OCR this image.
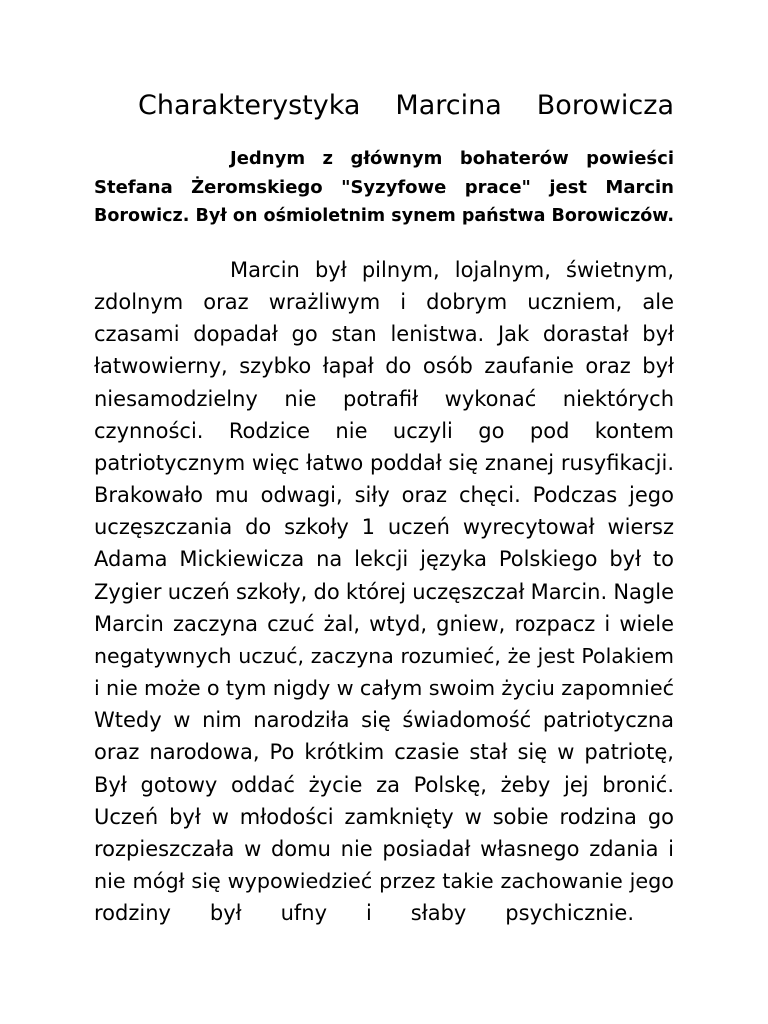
Charakterystyka Marcina Borowicza
Jednym z głównym bohaterów powieści
Stefana Żeromskiego "Syzyfowe prace" jest Marcin
Borowicz. Był on ośmioletnim synem państwa Borowiczów.
Marcin był pilnym, lojalnym, świetnym,
zdolnym oraz wrażliwym i dobrym uczniem, ale
czasami dopadał go stan lenistwa. Jak dorastał był
łatwowierny, szybko łapał do osób zaufanie oraz był
niesamodzielny nie potrafił wykonać niektórych
czynności. Rodzice nie uczyli go pod kontem
patriotycznym więc łatwo poddał się znanej rusyfikacji.
Brakowało mu odwagi, siły oraz chęci. Podczas jego
uczęszczania do szkoły 1 uczeń wyrecytował wiersz
Adama Mickiewicza na lekcji języka Polskiego był to
Zygier uczeń szkoły, do której uczęszczał Marcin. Nagle
Marcin zaczyna czuć żal, wtyd, gniew, rozpacz i wiele
negatywnych uczuć, zaczyna rozumieć, że jest Polakiem
i nie może o tym nigdy w całym swoim życiu zapomnieć
Wtedy w nim narodziła się świadomość patriotyczna
oraz narodowa, Po krótkim czasie stał się w patriotę,
Był gotowy oddać życie za Polskę, żeby jej bronić.
Uczeń był w młodości zamknięty w sobie rodzina go
rozpieszczała w domu nie posiadał własnego zdania i
nie mógł się wypowiedzieć przez takie zachowanie jego
rodziny był ufny i słaby psychicznie.
